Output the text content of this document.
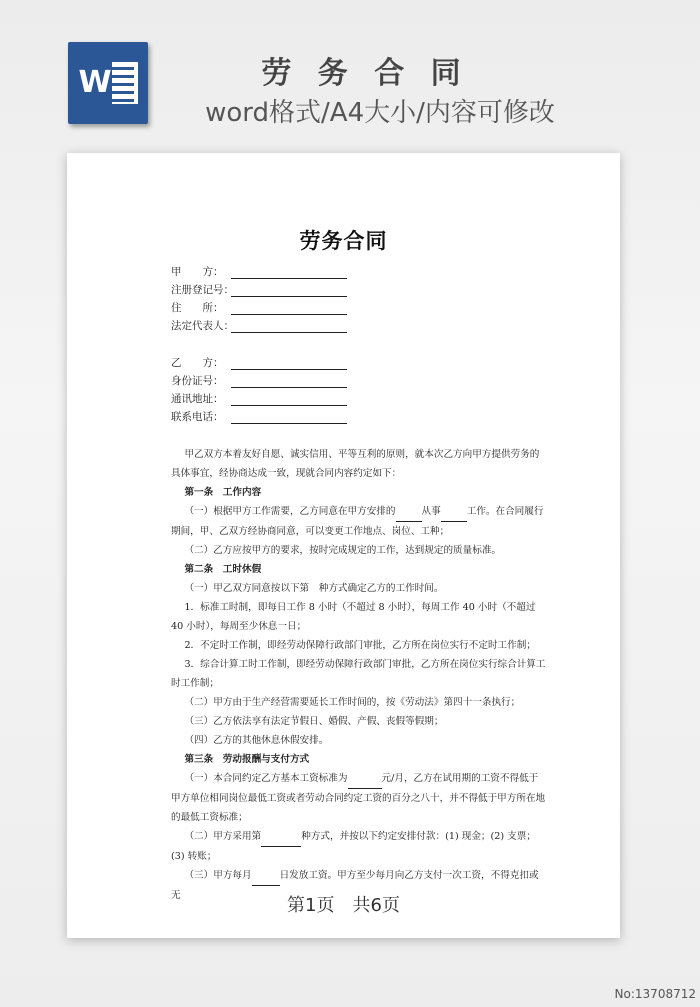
W	劳 务 合 同
word格式/A4大小/内容可修改
劳务合同
甲　　方：
注册登记号：
住　　所：
法定代表人：
乙　　方：
身份证号：
通讯地址：
联系电话：

甲乙双方本着友好自愿、诚实信用、平等互利的原则，就本次乙方向甲方提供劳务的具体事宜，经协商达成一致，现就合同内容约定如下：

第一条　工作内容

（一）根据甲方工作需要，乙方同意在甲方安排的	从事	工作。在合同履行期间，甲、乙双方经协商同意，可以变更工作地点、岗位、工种；

（二）乙方应按甲方的要求，按时完成规定的工作，达到规定的质量标准。

第二条　工时休假

（一）甲乙双方同意按以下第　种方式确定乙方的工作时间。

1．标准工时制，即每日工作 8 小时（不超过 8 小时），每周工作 40 小时（不超过 40 小时），每周至少休息一日；

2．不定时工作制，即经劳动保障行政部门审批，乙方所在岗位实行不定时工作制；

3．综合计算工时工作制，即经劳动保障行政部门审批，乙方所在岗位实行综合计算工时工作制；

（二）甲方由于生产经营需要延长工作时间的，按《劳动法》第四十一条执行；

（三）乙方依法享有法定节假日、婚假、产假、丧假等假期；

（四）乙方的其他休息休假安排。

第三条　劳动报酬与支付方式

（一）本合同约定乙方基本工资标准为	元/月，乙方在试用期的工资不得低于甲方单位相同岗位最低工资或者劳动合同约定工资的百分之八十，并不得低于甲方所在地的最低工资标准；

（二）甲方采用第	种方式，并按以下约定安排付款：(1) 现金；(2) 支票；(3) 转账；

（三）甲方每月	日发放工资。甲方至少每月向乙方支付一次工资，不得克扣或无	第1页　共6页
No:13708712
